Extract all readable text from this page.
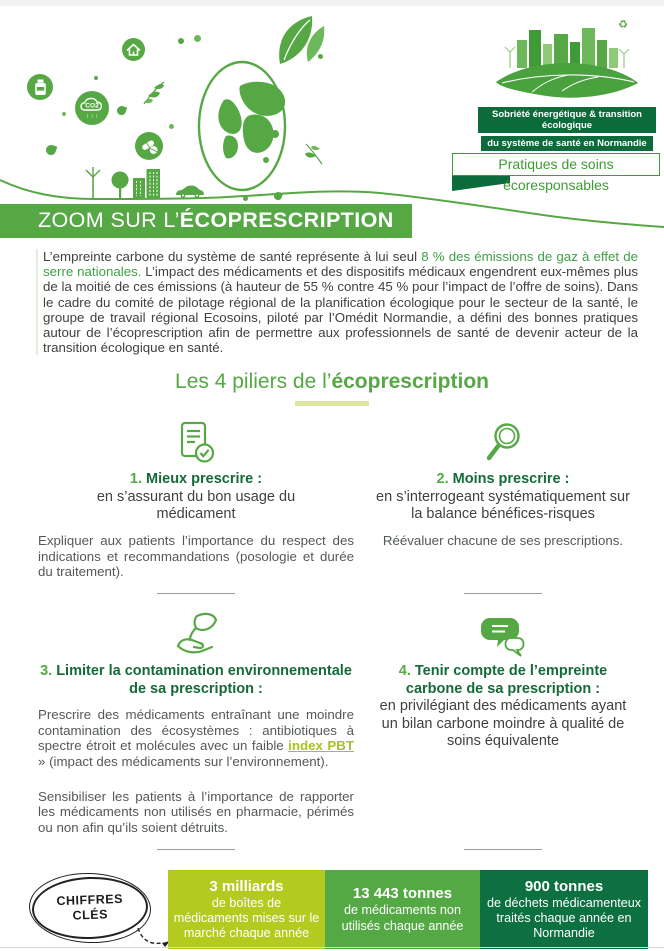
CO2
↓ ↓ ↓
♻
Sobriété énergétique & transition écologique du système de santé en Normandie
Pratiques de soins écoresponsables
ZOOM SUR L’ÉCOPRESCRIPTION

L’empreinte carbone du système de santé représente à lui seul 8 % des émissions de gaz à effet de serre nationales. L’impact des médicaments et des dispositifs médicaux engendrent eux-mêmes plus de la moitié de ces émissions (à hauteur de 55 % contre 45 % pour l’impact de l’offre de soins). Dans le cadre du comité de pilotage régional de la planification écologique pour le secteur de la santé, le groupe de travail régional Ecosoins, piloté par l’Omédit Normandie, a défini des bonnes pratiques autour de l’écoprescription afin de permettre aux professionnels de santé de devenir acteur de la transition écologique en santé.

Les 4 piliers de l’écoprescription
1. Mieux prescrire :
en s’assurant du bon usage du médicament

Expliquer aux patients l’importance du respect des indications et recommandations (posologie et durée du traitement).

2. Moins prescrire :
en s’interrogeant systématiquement sur la balance bénéfices-risques

Réévaluer chacune de ses prescriptions.

3. Limiter la contamination environnementale de sa prescription :

Prescrire des médicaments entraînant une moindre contamination des écosystèmes : antibiotiques à spectre étroit et molécules avec un faible index PBT » (impact des médicaments sur l’environnement).

Sensibiliser les patients à l’importance de rapporter les médicaments non utilisés en pharmacie, périmés ou non afin qu’ils soient détruits.

4. Tenir compte de l’empreinte carbone de sa prescription :
en privilégiant des médicaments ayant un bilan carbone moindre à qualité de soins équivalente
CHIFFRES
CLÉS
3 milliards
de boîtes de médicaments mises sur le marché chaque année
13 443 tonnes
de médicaments non utilisés chaque année
900 tonnes
de déchets médicamenteux traités chaque année en Normandie
